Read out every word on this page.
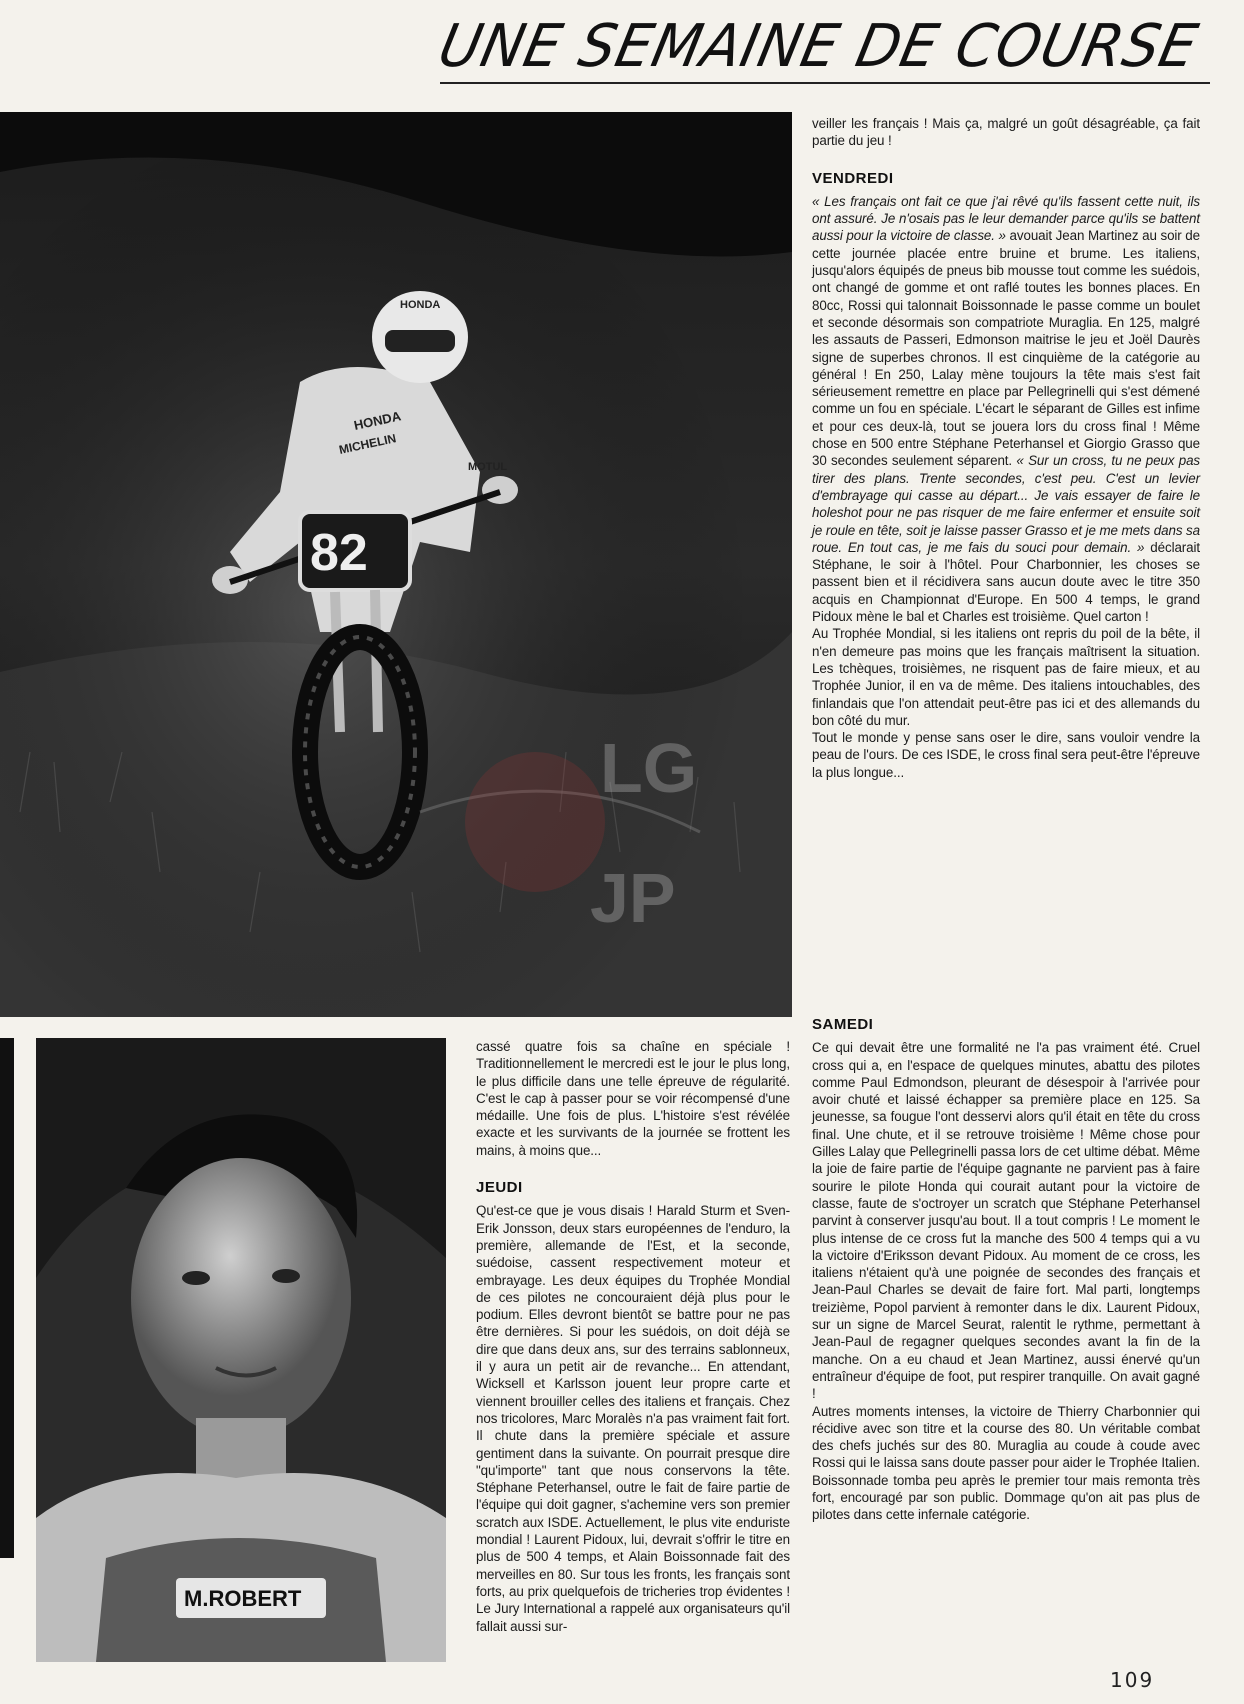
UNE SEMAINE DE COURSE
HONDA
HONDA
MICHELIN
MOTUL
82
LG
JP
M.ROBERT

veiller les français ! Mais ça, malgré un goût désagréable, ça fait partie du jeu !

VENDREDI

« Les français ont fait ce que j'ai rêvé qu'ils fassent cette nuit, ils ont assuré. Je n'osais pas le leur demander parce qu'ils se battent aussi pour la victoire de classe. » avouait Jean Martinez au soir de cette journée placée entre bruine et brume. Les italiens, jusqu'alors équipés de pneus bib mousse tout comme les suédois, ont changé de gomme et ont raflé toutes les bonnes places. En 80cc, Rossi qui talonnait Boissonnade le passe comme un boulet et seconde désormais son compatriote Muraglia. En 125, malgré les assauts de Passeri, Edmonson maitrise le jeu et Joël Daurès signe de superbes chronos. Il est cinquième de la catégorie au général ! En 250, Lalay mène toujours la tête mais s'est fait sérieusement remettre en place par Pellegrinelli qui s'est démené comme un fou en spéciale. L'écart le séparant de Gilles est infime et pour ces deux-là, tout se jouera lors du cross final ! Même chose en 500 entre Stéphane Peterhansel et Giorgio Grasso que 30 secondes seulement séparent. « Sur un cross, tu ne peux pas tirer des plans. Trente secondes, c'est peu. C'est un levier d'embrayage qui casse au départ... Je vais essayer de faire le holeshot pour ne pas risquer de me faire enfermer et ensuite soit je roule en tête, soit je laisse passer Grasso et je me mets dans sa roue. En tout cas, je me fais du souci pour demain. » déclarait Stéphane, le soir à l'hôtel. Pour Charbonnier, les choses se passent bien et il récidivera sans aucun doute avec le titre 350 acquis en Championnat d'Europe. En 500 4 temps, le grand Pidoux mène le bal et Charles est troisième. Quel carton !

Au Trophée Mondial, si les italiens ont repris du poil de la bête, il n'en demeure pas moins que les français maîtrisent la situation. Les tchèques, troisièmes, ne risquent pas de faire mieux, et au Trophée Junior, il en va de même. Des italiens intouchables, des finlandais que l'on attendait peut-être pas ici et des allemands du bon côté du mur.

Tout le monde y pense sans oser le dire, sans vouloir vendre la peau de l'ours. De ces ISDE, le cross final sera peut-être l'épreuve la plus longue...

SAMEDI

Ce qui devait être une formalité ne l'a pas vraiment été. Cruel cross qui a, en l'espace de quelques minutes, abattu des pilotes comme Paul Edmondson, pleurant de désespoir à l'arrivée pour avoir chuté et laissé échapper sa première place en 125. Sa jeunesse, sa fougue l'ont desservi alors qu'il était en tête du cross final. Une chute, et il se retrouve troisième ! Même chose pour Gilles Lalay que Pellegrinelli passa lors de cet ultime débat. Même la joie de faire partie de l'équipe gagnante ne parvient pas à faire sourire le pilote Honda qui courait autant pour la victoire de classe, faute de s'octroyer un scratch que Stéphane Peterhansel parvint à conserver jusqu'au bout. Il a tout compris ! Le moment le plus intense de ce cross fut la manche des 500 4 temps qui a vu la victoire d'Eriksson devant Pidoux. Au moment de ce cross, les italiens n'étaient qu'à une poignée de secondes des français et Jean-Paul Charles se devait de faire fort. Mal parti, longtemps treizième, Popol parvient à remonter dans le dix. Laurent Pidoux, sur un signe de Marcel Seurat, ralentit le rythme, permettant à Jean-Paul de regagner quelques secondes avant la fin de la manche. On a eu chaud et Jean Martinez, aussi énervé qu'un entraîneur d'équipe de foot, put respirer tranquille. On avait gagné !

Autres moments intenses, la victoire de Thierry Charbonnier qui récidive avec son titre et la course des 80. Un véritable combat des chefs juchés sur des 80. Muraglia au coude à coude avec Rossi qui le laissa sans doute passer pour aider le Trophée Italien. Boissonnade tomba peu après le premier tour mais remonta très fort, encouragé par son public. Dommage qu'on ait pas plus de pilotes dans cette infernale catégorie.

cassé quatre fois sa chaîne en spéciale ! Traditionnellement le mercredi est le jour le plus long, le plus difficile dans une telle épreuve de régularité. C'est le cap à passer pour se voir récompensé d'une médaille. Une fois de plus. L'histoire s'est révélée exacte et les survivants de la journée se frottent les mains, à moins que...

JEUDI

Qu'est-ce que je vous disais ! Harald Sturm et Sven-Erik Jonsson, deux stars européennes de l'enduro, la première, allemande de l'Est, et la seconde, suédoise, cassent respectivement moteur et embrayage. Les deux équipes du Trophée Mondial de ces pilotes ne concouraient déjà plus pour le podium. Elles devront bientôt se battre pour ne pas être dernières. Si pour les suédois, on doit déjà se dire que dans deux ans, sur des terrains sablonneux, il y aura un petit air de revanche... En attendant, Wicksell et Karlsson jouent leur propre carte et viennent brouiller celles des italiens et français. Chez nos tricolores, Marc Moralès n'a pas vraiment fait fort. Il chute dans la première spéciale et assure gentiment dans la suivante. On pourrait presque dire "qu'importe" tant que nous conservons la tête. Stéphane Peterhansel, outre le fait de faire partie de l'équipe qui doit gagner, s'achemine vers son premier scratch aux ISDE. Actuellement, le plus vite enduriste mondial ! Laurent Pidoux, lui, devrait s'offrir le titre en plus de 500 4 temps, et Alain Boissonnade fait des merveilles en 80. Sur tous les fronts, les français sont forts, au prix quelquefois de tricheries trop évidentes ! Le Jury International a rappelé aux organisateurs qu'il fallait aussi sur-

109
